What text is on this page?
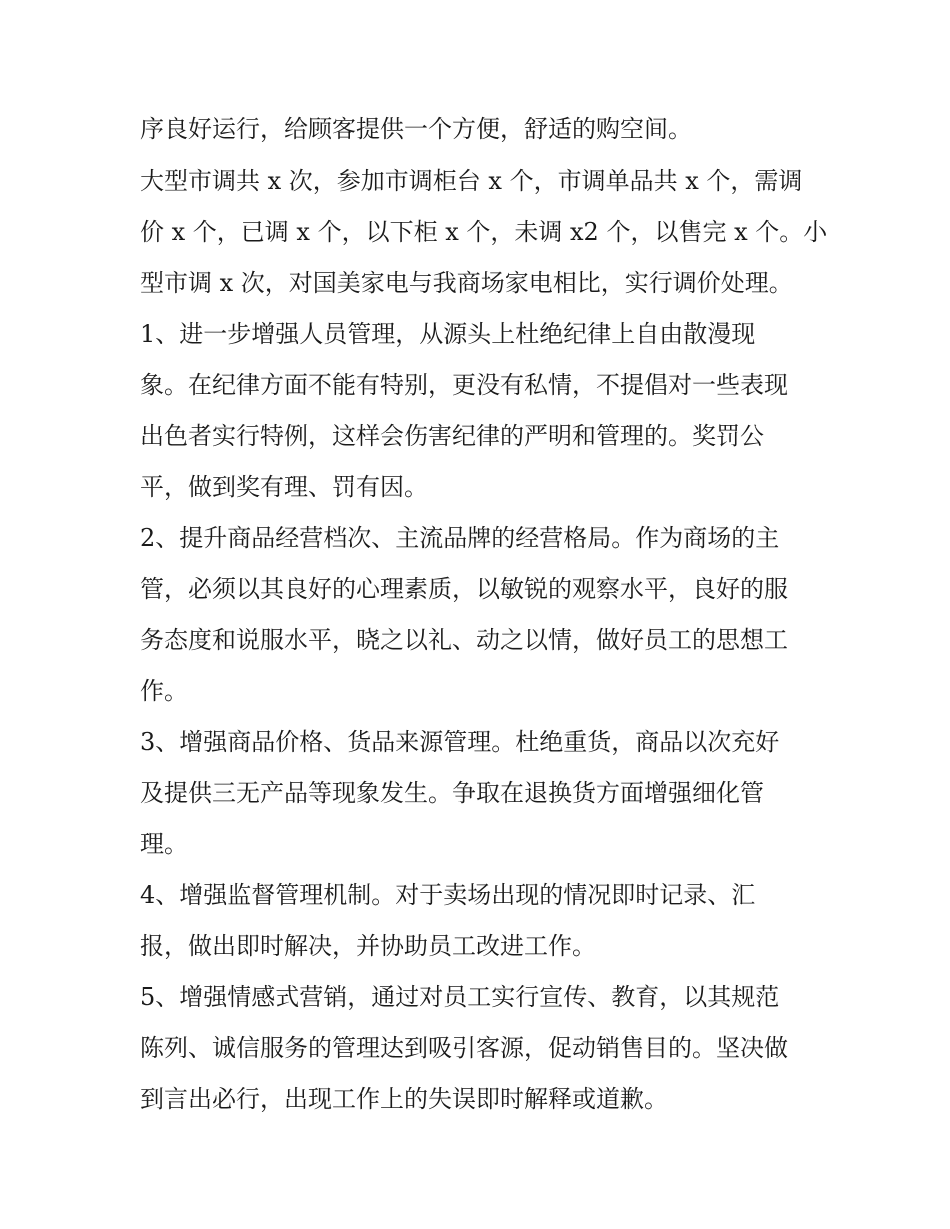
序良好运行，给顾客提供一个方便，舒适的购空间。

大型市调共 x 次，参加市调柜台 x 个，市调单品共 x 个，需调

价 x 个，已调 x 个，以下柜 x 个，未调 x2 个，以售完 x 个。小

型市调 x 次，对国美家电与我商场家电相比，实行调价处理。

1、进一步增强人员管理，从源头上杜绝纪律上自由散漫现

象。在纪律方面不能有特别，更没有私情，不提倡对一些表现

出色者实行特例，这样会伤害纪律的严明和管理的。奖罚公

平，做到奖有理、罚有因。

2、提升商品经营档次、主流品牌的经营格局。作为商场的主

管，必须以其良好的心理素质，以敏锐的观察水平，良好的服

务态度和说服水平，晓之以礼、动之以情，做好员工的思想工

作。

3、增强商品价格、货品来源管理。杜绝重货，商品以次充好

及提供三无产品等现象发生。争取在退换货方面增强细化管

理。

4、增强监督管理机制。对于卖场出现的情况即时记录、汇

报，做出即时解决，并协助员工改进工作。

5、增强情感式营销，通过对员工实行宣传、教育，以其规范

陈列、诚信服务的管理达到吸引客源，促动销售目的。坚决做

到言出必行，出现工作上的失误即时解释或道歉。
